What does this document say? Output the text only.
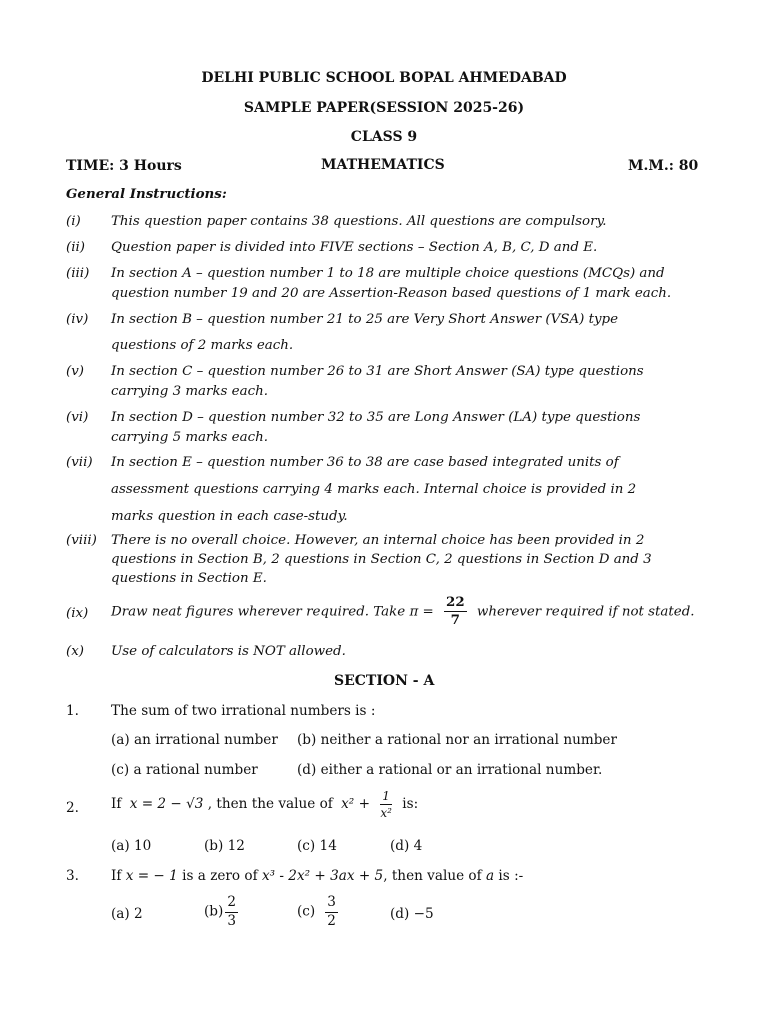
DELHI PUBLIC SCHOOL BOPAL AHMEDABAD
SAMPLE PAPER(SESSION 2025-26)
CLASS 9
TIME: 3 Hours	MATHEMATICS	M.M.: 80
General Instructions:
(i) This question paper contains 38 questions. All questions are compulsory.
(ii) Question paper is divided into FIVE sections – Section A, B, C, D and E.
(iii) In section A – question number 1 to 18 are multiple choice questions (MCQs) and
question number 19 and 20 are Assertion-Reason based questions of 1 mark each.
(iv) In section B – question number 21 to 25 are Very Short Answer (VSA) type
questions of 2 marks each.
(v) In section C – question number 26 to 31 are Short Answer (SA) type questions
carrying 3 marks each.
(vi) In section D – question number 32 to 35 are Long Answer (LA) type questions
carrying 5 marks each.
(vii) In section E – question number 36 to 38 are case based integrated units of
assessment questions carrying 4 marks each. Internal choice is provided in 2
marks question in each case-study.
(viii) There is no overall choice. However, an internal choice has been provided in 2
questions in Section B, 2 questions in Section C, 2 questions in Section D and 3
questions in Section E.
(ix) Draw neat figures wherever required. Take $\pi = \frac{22}{7}$ wherever required if not stated.
(x) Use of calculators is NOT allowed.
SECTION - A
1. The sum of two irrational numbers is :
(a) an irrational number (b) neither a rational nor an irrational number
(c) a rational number	(d) either a rational or an irrational number.
2. If x = 2 − √3 , then the value of $x^2 + \frac{1}{\text{x²}}$ is:
(a) 10	(b) 12	(c) 14	(d) 4
3. If x = − 1 is a zero of x³ - 2x² + 3ax + 5, then value of a is :-
(a) 2	$(b) \frac{2}{3}$	$(c) \frac{3}{2}$	(d) −5
